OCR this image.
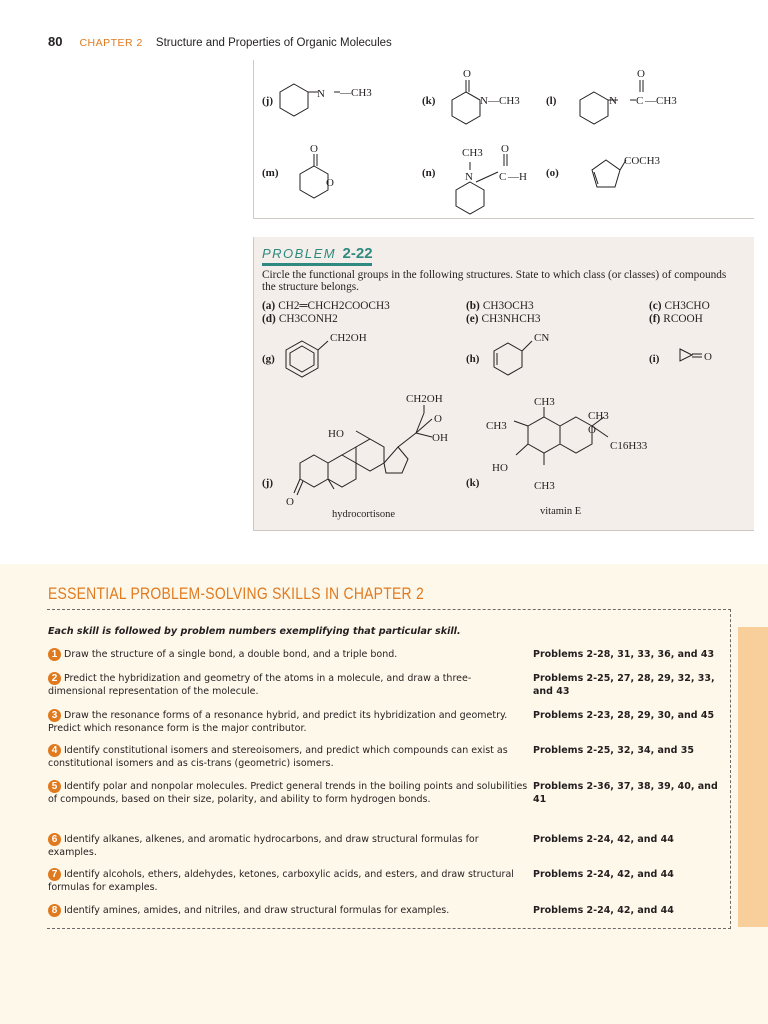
80 CHAPTER 2 Structure and Properties of Organic Molecules
(j)
N —CH3
(k)
O
N —CH3 (l)
O
N C —CH3
(m)
O
O
(n)
CH3 O
N C —H (o)
COCH3
PROBLEM 2-22
Circle the functional groups in the following structures. State to which class (or classes) of compounds the structure belongs.
(a) CH2═CHCH2COOCH3	(b) CH3OCH3	(c) CH3CHO
(d) CH3CONH2	(e) CH3NHCH3	(f) RCOOH
(g)	(h)	(i)
(j)	(k)
CH2OH	CN
O
CH2OH
O
OH
HO
O
CH3
CH3	O
CH3
C16H33
HO
CH3
hydrocortisone	vitamin E
ESSENTIAL PROBLEM-SOLVING SKILLS IN CHAPTER 2
Each skill is followed by problem numbers exemplifying that particular skill.
1 Draw the structure of a single bond, a double bond, and a triple bond.	Problems 2-28, 31, 33, 36, and 43
2 Predict the hybridization and geometry of the atoms in a molecule, and draw a three-dimensional representation of the molecule.
Problems 2-25, 27, 28, 29, 32, 33, and 43
3 Draw the resonance forms of a resonance hybrid, and predict its hybridization and geometry. Predict which resonance form is the major contributor.
Problems 2-23, 28, 29, 30, and 45
4 Identify constitutional isomers and stereoisomers, and predict which compounds can exist as constitutional isomers and as cis-trans (geometric) isomers.
Problems 2-25, 32, 34, and 35
5 Identify polar and nonpolar molecules. Predict general trends in the boiling points and solubilities of compounds, based on their size, polarity, and ability to form hydrogen bonds.
Problems 2-36, 37, 38, 39, 40, and 41
6 Identify alkanes, alkenes, and aromatic hydrocarbons, and draw structural formulas for examples.
Problems 2-24, 42, and 44
7 Identify alcohols, ethers, aldehydes, ketones, carboxylic acids, and esters, and draw structural formulas for examples.
Problems 2-24, 42, and 44
8 Identify amines, amides, and nitriles, and draw structural formulas for examples.	Problems 2-24, 42, and 44
